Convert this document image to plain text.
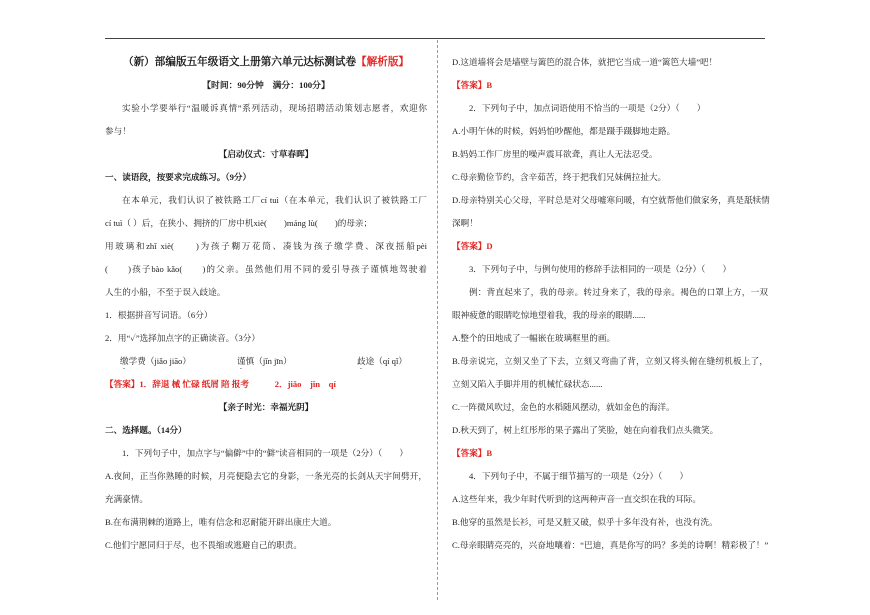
（新）部编版五年级语文上册第六单元达标测试卷【解析版】
【时间：90分钟　满分：100分】
实验小学要举行“温暖诉真情”系列活动，现场招聘活动策划志愿者，欢迎你
参与！
【启动仪式：寸草春晖】
一、读语段，按要求完成练习。（9分）
在本单元，我们认识了被铁路工厂cí tuì（在本单元，我们认识了被铁路工厂
cí tuì（ ）后，在狭小、拥挤的厂房中机xiè(　　)máng lù(　　)的母亲；
用玻璃和zhǐ xiè(　　)为孩子糊万花筒、凑钱为孩子缴学费、深夜摇船pèi
(　　)孩子bào kǎo(　　)的父亲。虽然他们用不同的爱引导孩子谨慎地驾驶着
人生的小船，不至于误入歧途。
1．根据拼音写词语。（6分）
2．用“✓”选择加点字的正确读音。（3分）
缴学费（jiǎo jiāo）	谨慎（jǐn jīn）	歧途（qí qǐ）
【答案】1．辞退 械 忙碌 纸屑 陪 报考　　　2．jiǎo　jǐn　qí
【亲子时光：幸福光阴】
二、选择题。（14分）
1．下列句子中，加点字与“偏僻”中的“僻”读音相同的一项是（2分）（　　）
A.夜间，正当你熟睡的时候，月亮便隐去它的身影，一条光亮的长剑从天宇间劈开，
充满豪情。
B.在布满荆棘的道路上，唯有信念和忍耐能开辟出康庄大道。
C.他们宁愿同归于尽，也不畏缩或逃避自己的职责。
D.这道墙将会是墙壁与篱笆的混合体，就把它当成一道“篱笆大墙”吧！
【答案】B
2．下列句子中，加点词语使用不恰当的一项是（2分）（　　）
A.小明午休的时候，妈妈怕吵醒他，都是蹑手蹑脚地走路。
B.妈妈工作厂房里的噪声震耳欲聋，真让人无法忍受。
C.母亲勤俭节约，含辛茹苦，终于把我们兄妹俩拉扯大。
D.母亲特别关心父母，平时总是对父母嘘寒问暖，有空就帮他们做家务，真是舐犊情
深啊！
【答案】D
3．下列句子中，与例句使用的修辞手法相同的一项是（2分）（　　）
例：背直起来了，我的母亲。转过身来了，我的母亲。褐色的口罩上方，一双
眼神疲惫的眼睛吃惊地望着我，我的母亲的眼睛......
A.整个的田地成了一幅嵌在玻璃框里的画。
B.母亲说完，立刻又坐了下去，立刻又弯曲了背，立刻又将头俯在缝纫机板上了，
立刻又陷入手脚并用的机械忙碌状态......
C.一阵微风吹过，金色的水稻随风摆动，就如金色的海洋。
D.秋天到了，树上红彤彤的果子露出了笑脸，她在向着我们点头微笑。
【答案】B
4．下列句子中，不属于细节描写的一项是（2分）（　　）
A.这些年来，我少年时代听到的这两种声音一直交织在我的耳际。
B.他穿的虽然是长衫，可是又脏又破，似乎十多年没有补，也没有洗。
C.母亲眼睛亮亮的，兴奋地嚷着：“巴迪，真是你写的吗？多美的诗啊！精彩极了！”
